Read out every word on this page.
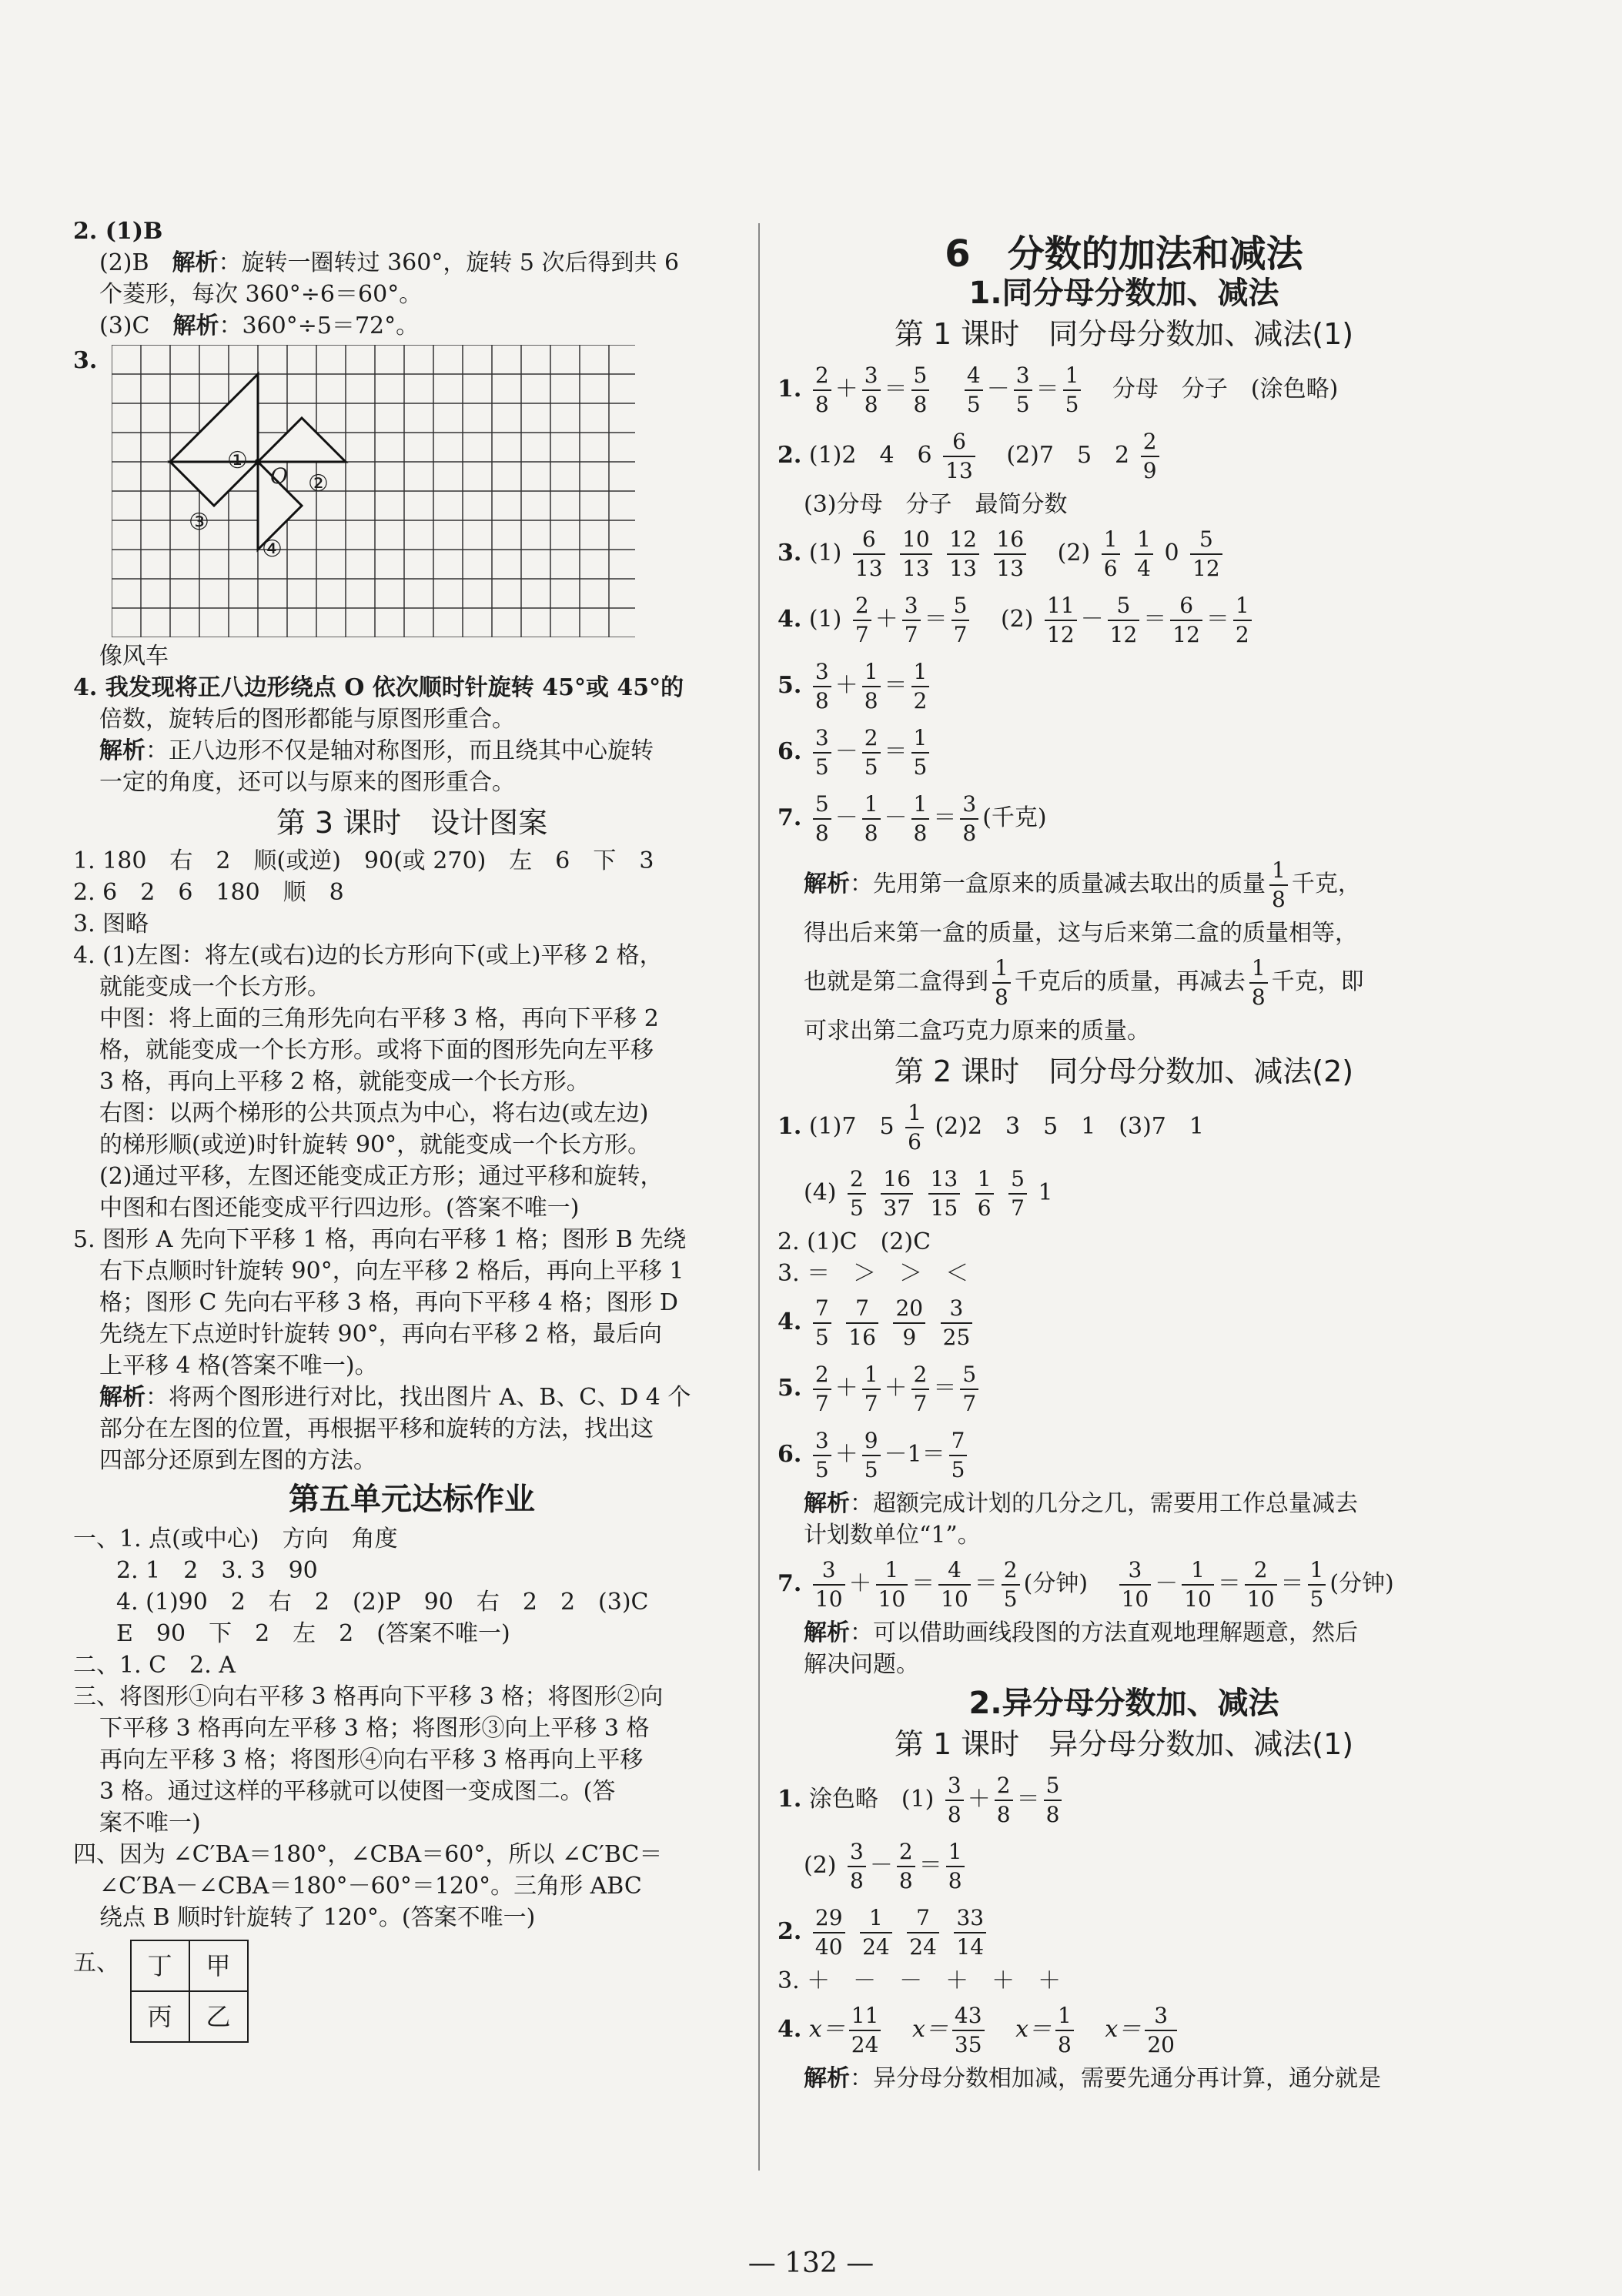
2. (1)B
(2)B　 解析：旋转一圈转过 360°，旋转 5 次后得到共 6
个菱形，每次 360°÷6＝60°。
(3)C　 解析：360°÷5＝72°。
3.
①
②
③
④
O
像风车
4. 我发现将正八边形绕点 O 依次顺时针旋转 45°或 45°的
倍数，旋转后的图形都能与原图形重合。
解析：正八边形不仅是轴对称图形，而且绕其中心旋转
一定的角度，还可以与原来的图形重合。
第 3 课时　设计图案
1. 180　右　2　顺(或逆)　90(或 270)　左　6　下　3
2. 6　2　6　180　顺　8
3. 图略
4. (1)左图：将左(或右)边的长方形向下(或上)平移 2 格，
就能变成一个长方形。
中图：将上面的三角形先向右平移 3 格，再向下平移 2
格，就能变成一个长方形。或将下面的图形先向左平移
3 格，再向上平移 2 格，就能变成一个长方形。
右图：以两个梯形的公共顶点为中心，将右边(或左边)
的梯形顺(或逆)时针旋转 90°，就能变成一个长方形。
(2)通过平移，左图还能变成正方形；通过平移和旋转，
中图和右图还能变成平行四边形。(答案不唯一)
5. 图形 A 先向下平移 1 格，再向右平移 1 格；图形 B 先绕
右下点顺时针旋转 90°，向左平移 2 格后，再向上平移 1
格；图形 C 先向右平移 3 格，再向下平移 4 格；图形 D
先绕左下点逆时针旋转 90°，再向右平移 2 格，最后向
上平移 4 格(答案不唯一)。
解析：将两个图形进行对比，找出图片 A、B、C、D 4 个
部分在左图的位置，再根据平移和旋转的方法，找出这
四部分还原到左图的方法。
第五单元达标作业
一、1. 点(或中心)　方向　角度
2. 1　2　3. 3　90
4. (1)90　2　右　2　(2)P　90　右　2　2　(3)C
E　90　下　2　左　2　(答案不唯一)
二、1. C　2. A
三、将图形①向右平移 3 格再向下平移 3 格；将图形②向
下平移 3 格再向左平移 3 格；将图形③向上平移 3 格
再向左平移 3 格；将图形④向右平移 3 格再向上平移
3 格。通过这样的平移就可以使图一变成图二。(答
案不唯一)
四、因为 ∠C′BA＝180°，∠CBA＝60°，所以 ∠C′BC＝
∠C′BA－∠CBA＝180°－60°＝120°。三角形 ABC
绕点 B 顺时针旋转了 120°。(答案不唯一)
五、 丁	甲
丙	乙
6　分数的加法和减法
1.同分母分数加、减法
第 1 课时　同分母分数加、减法(1)
1. $\frac{2}{8} + \frac{3}{8} = \frac{5}{8}$
$\frac{4}{5} - \frac{3}{5} = \frac{1}{5}$ 分母　分子　(涂色略)
2. (1)2　4　$6 \frac{6}{13} (2)7$　5　$2 \frac{2}{9}$
(3)分母　分子　最简分数
3. $(1) \frac{6}{13}$
$\frac{10}{13}$
$\frac{12}{13}$
$\frac{16}{13} (2) \frac{1}{6}$
$\frac{1}{4} 0 \frac{5}{12}$
4. $(1) \frac{2}{7} + \frac{3}{7} = \frac{5}{7} (2) \frac{11}{12} - \frac{5}{12} = \frac{6}{12} = \frac{1}{2}$
5. $\frac{3}{8} + \frac{1}{8} = \frac{1}{2}$
6. $\frac{3}{5} - \frac{2}{5} = \frac{1}{5}$
7. $\frac{5}{8} - \frac{1}{8} - \frac{1}{8} = \frac{3}{8}$ (千克)
解析：先用第一盒原来的质量减去取出的质量 $\frac{1}{8}$ 千克，
得出后来第一盒的质量，这与后来第二盒的质量相等，
也就是第二盒得到 $\frac{1}{8}$ 千克后的质量，再减去 $\frac{1}{8}$ 千克，即
可求出第二盒巧克力原来的质量。
第 2 课时　同分母分数加、减法(2)
1. (1)7　$5 \frac{1}{6} (2)2$　3　5　1　(3)7　1
$(4) \frac{2}{5}$
$\frac{16}{37}$
$\frac{13}{15}$
$\frac{1}{6}$
$\frac{5}{7} 1$
2. (1)C　(2)C
3. ＝　＞　＞　＜
4. $\frac{7}{5}$
$\frac{7}{16}$
$\frac{20}{9}$
$\frac{3}{25}$
5. $\frac{2}{7} + \frac{1}{7} + \frac{2}{7} = \frac{5}{7}$
6. $\frac{3}{5} + \frac{9}{5} -1= \frac{7}{5}$
解析：超额完成计划的几分之几，需要用工作总量减去
计划数单位“1”。
7. $\frac{3}{10} + \frac{1}{10} = \frac{4}{10} = \frac{2}{5}$ (分钟) $\frac{3}{10} - \frac{1}{10} = \frac{2}{10} = \frac{1}{5}$ (分钟)
解析：可以借助画线段图的方法直观地理解题意，然后
解决问题。
2.异分母分数加、减法
第 1 课时　异分母分数加、减法(1)
1. 涂色略　$(1) \frac{3}{8} + \frac{2}{8} = \frac{5}{8}$
$(2) \frac{3}{8} - \frac{2}{8} = \frac{1}{8}$
2. $\frac{29}{40}$
$\frac{1}{24}$
$\frac{7}{24}$
$\frac{33}{14}$
3. ＋　－　－　＋　＋　＋
4. $x= \frac{11}{24} x= \frac{43}{35} x= \frac{1}{8} x= \frac{3}{20}$
解析：异分母分数相加减，需要先通分再计算，通分就是
— 132 —
